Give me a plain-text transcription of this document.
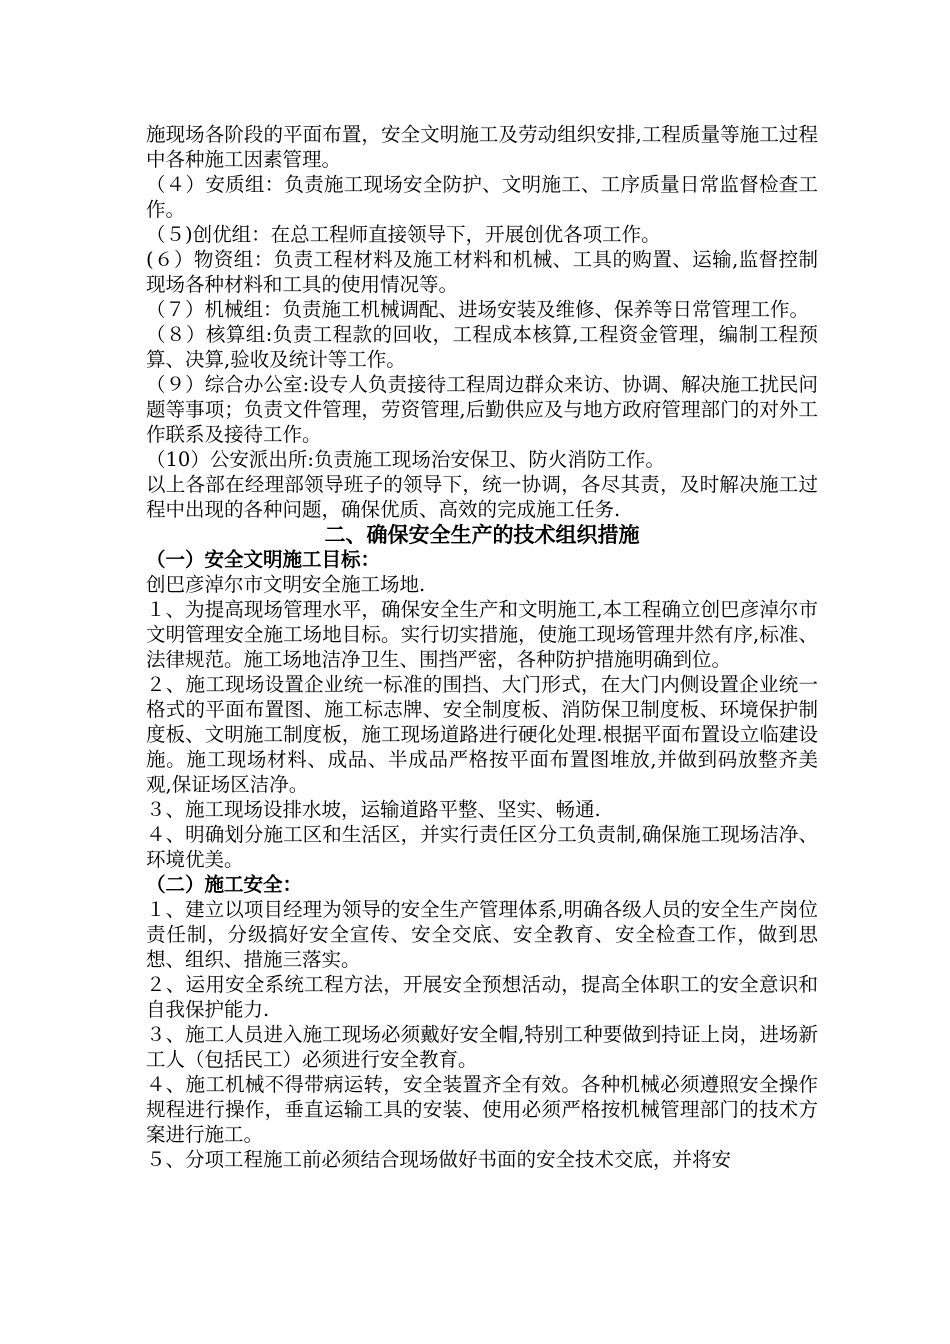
施现场各阶段的平面布置，安全文明施工及劳动组织安排,工程质量等施工过程中各种施工因素管理。

（４）安质组：负责施工现场安全防护、文明施工、工序质量日常监督检查工作。

（５)创优组：在总工程师直接领导下，开展创优各项工作。

(６）物资组：负责工程材料及施工材料和机械、工具的购置、运输,监督控制现场各种材料和工具的使用情况等。

（７）机械组：负责施工机械调配、进场安装及维修、保养等日常管理工作。

（８）核算组:负责工程款的回收，工程成本核算,工程资金管理，编制工程预算、决算,验收及统计等工作。

（９）综合办公室:设专人负责接待工程周边群众来访、协调、解决施工扰民问题等事项；负责文件管理，劳资管理,后勤供应及与地方政府管理部门的对外工作联系及接待工作。

（10）公安派出所:负责施工现场治安保卫、防火消防工作。

以上各部在经理部领导班子的领导下，统一协调，各尽其责，及时解决施工过程中出现的各种问题，确保优质、高效的完成施工任务.

二、确保安全生产的技术组织措施

（一）安全文明施工目标：

创巴彦淖尔市文明安全施工场地.

１、为提高现场管理水平，确保安全生产和文明施工,本工程确立创巴彦淖尔市文明管理安全施工场地目标。实行切实措施，使施工现场管理井然有序,标准、法律规范。施工场地洁净卫生、围挡严密，各种防护措施明确到位。

２、施工现场设置企业统一标准的围挡、大门形式，在大门内侧设置企业统一格式的平面布置图、施工标志牌、安全制度板、消防保卫制度板、环境保护制度板、文明施工制度板，施工现场道路进行硬化处理.根据平面布置设立临建设施。施工现场材料、成品、半成品严格按平面布置图堆放,并做到码放整齐美观,保证场区洁净。

３、施工现场设排水坡，运输道路平整、坚实、畅通.

４、明确划分施工区和生活区，并实行责任区分工负责制,确保施工现场洁净、环境优美。

（二）施工安全：

１、建立以项目经理为领导的安全生产管理体系,明确各级人员的安全生产岗位责任制，分级搞好安全宣传、安全交底、安全教育、安全检查工作，做到思想、组织、措施三落实。

２、运用安全系统工程方法，开展安全预想活动，提高全体职工的安全意识和自我保护能力.

３、施工人员进入施工现场必须戴好安全帽,特别工种要做到持证上岗，进场新工人（包括民工）必须进行安全教育。

４、施工机械不得带病运转，安全装置齐全有效。各种机械必须遵照安全操作规程进行操作，垂直运输工具的安装、使用必须严格按机械管理部门的技术方案进行施工。

５、分项工程施工前必须结合现场做好书面的安全技术交底，并将安
